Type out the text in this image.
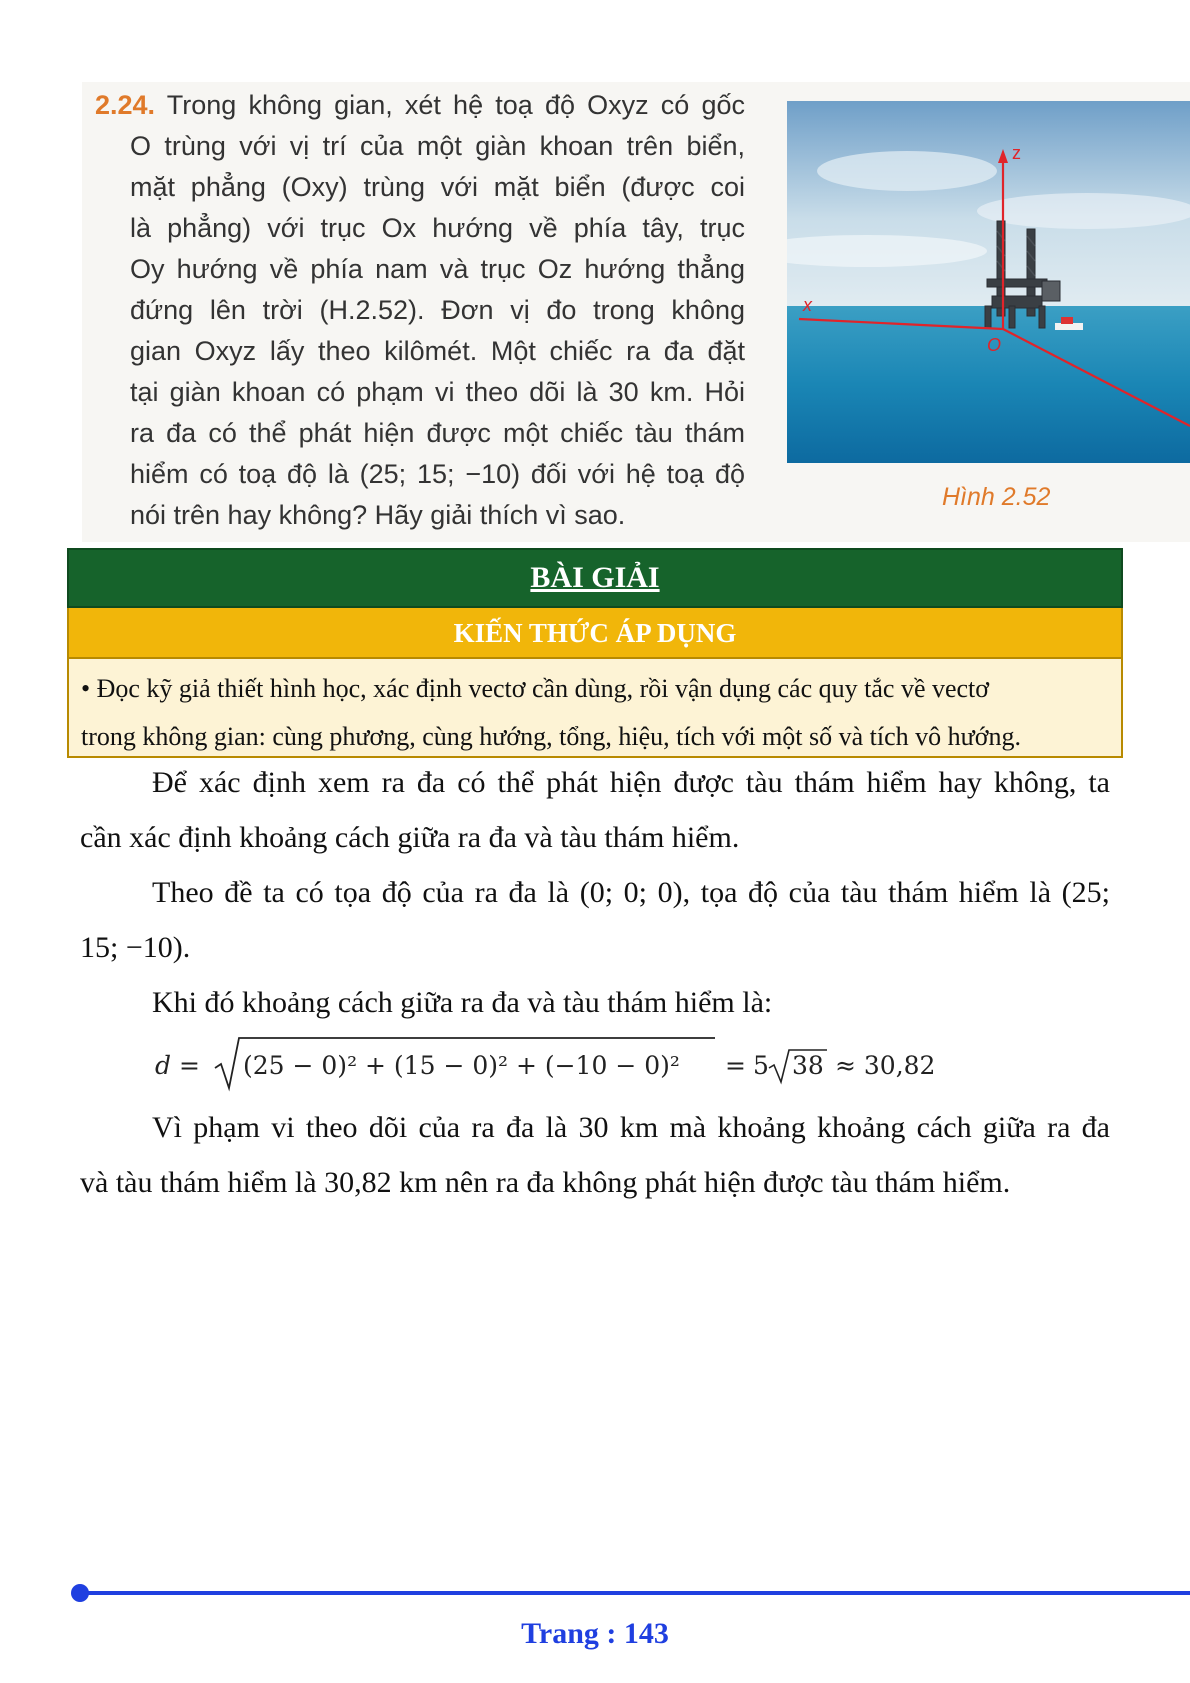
2.24. Trong không gian, xét hệ toạ độ Oxyz có gốc
O trùng với vị trí của một giàn khoan trên biển,
mặt phẳng (Oxy) trùng với mặt biển (được coi
là phẳng) với trục Ox hướng về phía tây, trục
Oy hướng về phía nam và trục Oz hướng thẳng
đứng lên trời (H.2.52). Đơn vị đo trong không
gian Oxyz lấy theo kilômét. Một chiếc ra đa đặt
tại giàn khoan có phạm vi theo dõi là 30 km. Hỏi
ra đa có thể phát hiện được một chiếc tàu thám
hiểm có toạ độ là (25; 15; −10) đối với hệ toạ độ
nói trên hay không? Hãy giải thích vì sao.
z
x
O
Hình 2.52
BÀI GIẢI
KIẾN THỨC ÁP DỤNG
• Đọc kỹ giả thiết hình học, xác định vectơ cần dùng, rồi vận dụng các quy tắc về vectơ
trong không gian: cùng phương, cùng hướng, tổng, hiệu, tích với một số và tích vô hướng.
Để xác định xem ra đa có thể phát hiện được tàu thám hiểm hay không, ta
cần xác định khoảng cách giữa ra đa và tàu thám hiểm.
Theo đề ta có tọa độ của ra đa là (0; 0; 0), tọa độ của tàu thám hiểm là (25;
15; −10).
Khi đó khoảng cách giữa ra đa và tàu thám hiểm là:
d = (25 − 0)² + (15 − 0)² + (−10 − 0)² = 5 38 ≈ 30,82
Vì phạm vi theo dõi của ra đa là 30 km mà khoảng khoảng cách giữa ra đa
và tàu thám hiểm là 30,82 km nên ra đa không phát hiện được tàu thám hiểm.
Trang : 143
